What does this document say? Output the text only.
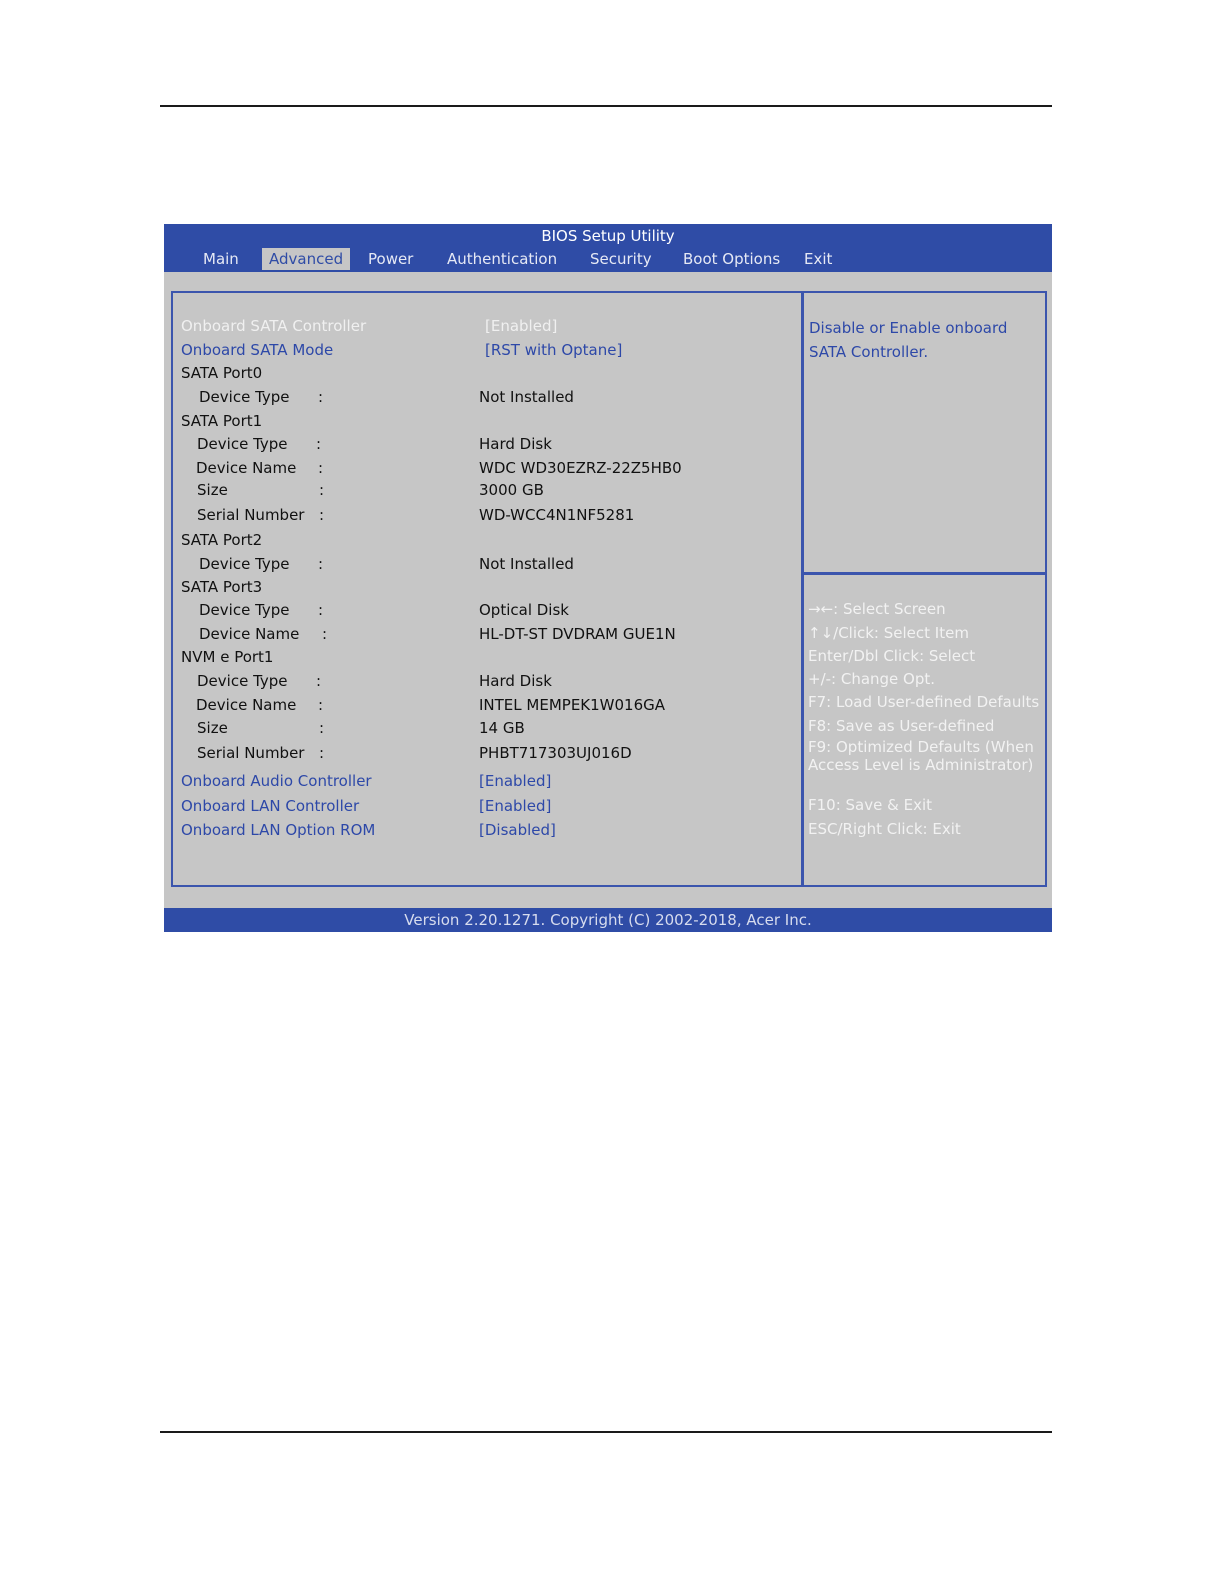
BIOS Setup Utility
Main	Advanced	Power	Authentication	Security	Boot Options	Exit
Onboard SATA Controller	[Enabled]
Onboard SATA Mode	[RST with Optane]
SATA Port0
Device Type :	Not Installed
SATA Port1
Device Type :	Hard Disk
Device Name :	WDC WD30EZRZ-22Z5HB0
Size	:	3000 GB
Serial Number :	WD-WCC4N1NF5281
SATA Port2
Device Type :	Not Installed
SATA Port3
Device Type :	Optical Disk
Device Name :	HL-DT-ST DVDRAM GUE1N
NVM e Port1
Device Type :	Hard Disk
Device Name :	INTEL MEMPEK1W016GA
Size	:	14 GB
Serial Number :	PHBT717303UJ016D
Onboard Audio Controller	[Enabled]
Onboard LAN Controller	[Enabled]
Onboard LAN Option ROM	[Disabled]
Disable or Enable onboard SATA Controller.
→←: Select Screen
↑↓/Click: Select Item
Enter/Dbl Click: Select
+/-: Change Opt.
F7: Load User-defined Defaults
F8: Save as User-defined
F9: Optimized Defaults (When Access Level is Administrator)
F10: Save & Exit
ESC/Right Click: Exit
Version 2.20.1271. Copyright (C) 2002-2018, Acer Inc.
